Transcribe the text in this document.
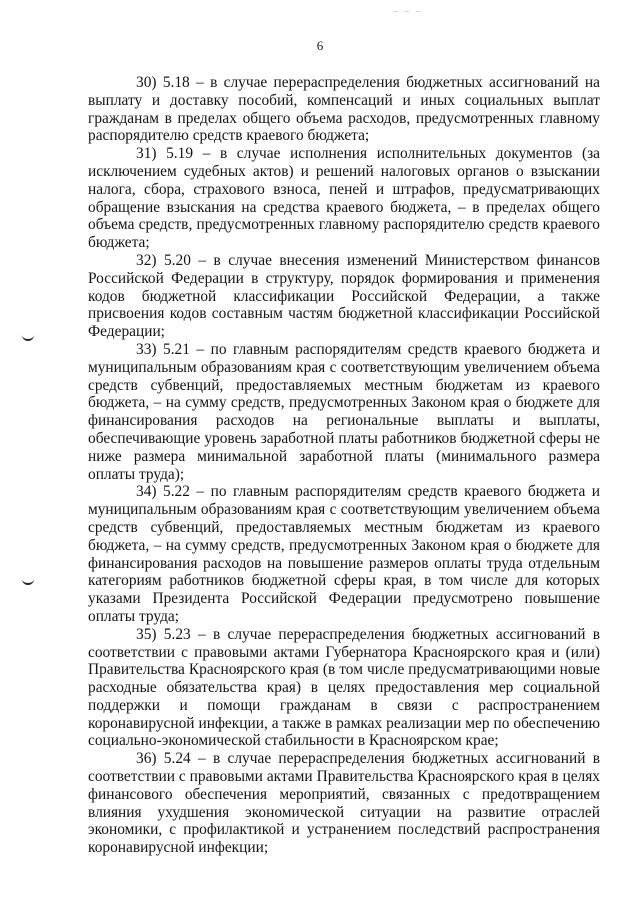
_ _ _
6

30) 5.18 – в случае перераспределения бюджетных ассигнований на выплату и доставку пособий, компенсаций и иных социальных выплат гражданам в пределах общего объема расходов, предусмотренных главному распорядителю средств краевого бюджета;

31) 5.19 – в случае исполнения исполнительных документов (за исключением судебных актов) и решений налоговых органов о взыскании налога, сбора, страхового взноса, пеней и штрафов, предусматривающих обращение взыскания на средства краевого бюджета, – в пределах общего объема средств, предусмотренных главному распорядителю средств краевого бюджета;

32) 5.20 – в случае внесения изменений Министерством финансов Российской Федерации в структуру, порядок формирования и применения кодов бюджетной классификации Российской Федерации, а также присвоения кодов составным частям бюджетной классификации Российской Федерации;

33) 5.21 – по главным распорядителям средств краевого бюджета и муниципальным образованиям края с соответствующим увеличением объема средств субвенций, предоставляемых местным бюджетам из краевого бюджета, – на сумму средств, предусмотренных Законом края о бюджете для финансирования расходов на региональные выплаты и выплаты, обеспечивающие уровень заработной платы работников бюджетной сферы не ниже размера минимальной заработной платы (минимального размера оплаты труда);

34) 5.22 – по главным распорядителям средств краевого бюджета и муниципальным образованиям края с соответствующим увеличением объема средств субвенций, предоставляемых местным бюджетам из краевого бюджета, – на сумму средств, предусмотренных Законом края о бюджете для финансирования расходов на повышение размеров оплаты труда отдельным категориям работников бюджетной сферы края, в том числе для которых указами Президента Российской Федерации предусмотрено повышение оплаты труда;

35) 5.23 – в случае перераспределения бюджетных ассигнований в соответствии с правовыми актами Губернатора Красноярского края и (или) Правительства Красноярского края (в том числе предусматривающими новые расходные обязательства края) в целях предоставления мер социальной поддержки и помощи гражданам в связи с распространением коронавирусной инфекции, а также в рамках реализации мер по обеспечению социально-экономической стабильности в Красноярском крае;

36) 5.24 – в случае перераспределения бюджетных ассигнований в соответствии с правовыми актами Правительства Красноярского края в целях финансового обеспечения мероприятий, связанных с предотвращением влияния ухудшения экономической ситуации на развитие отраслей экономики, с профилактикой и устранением последствий распространения коронавирусной инфекции;
